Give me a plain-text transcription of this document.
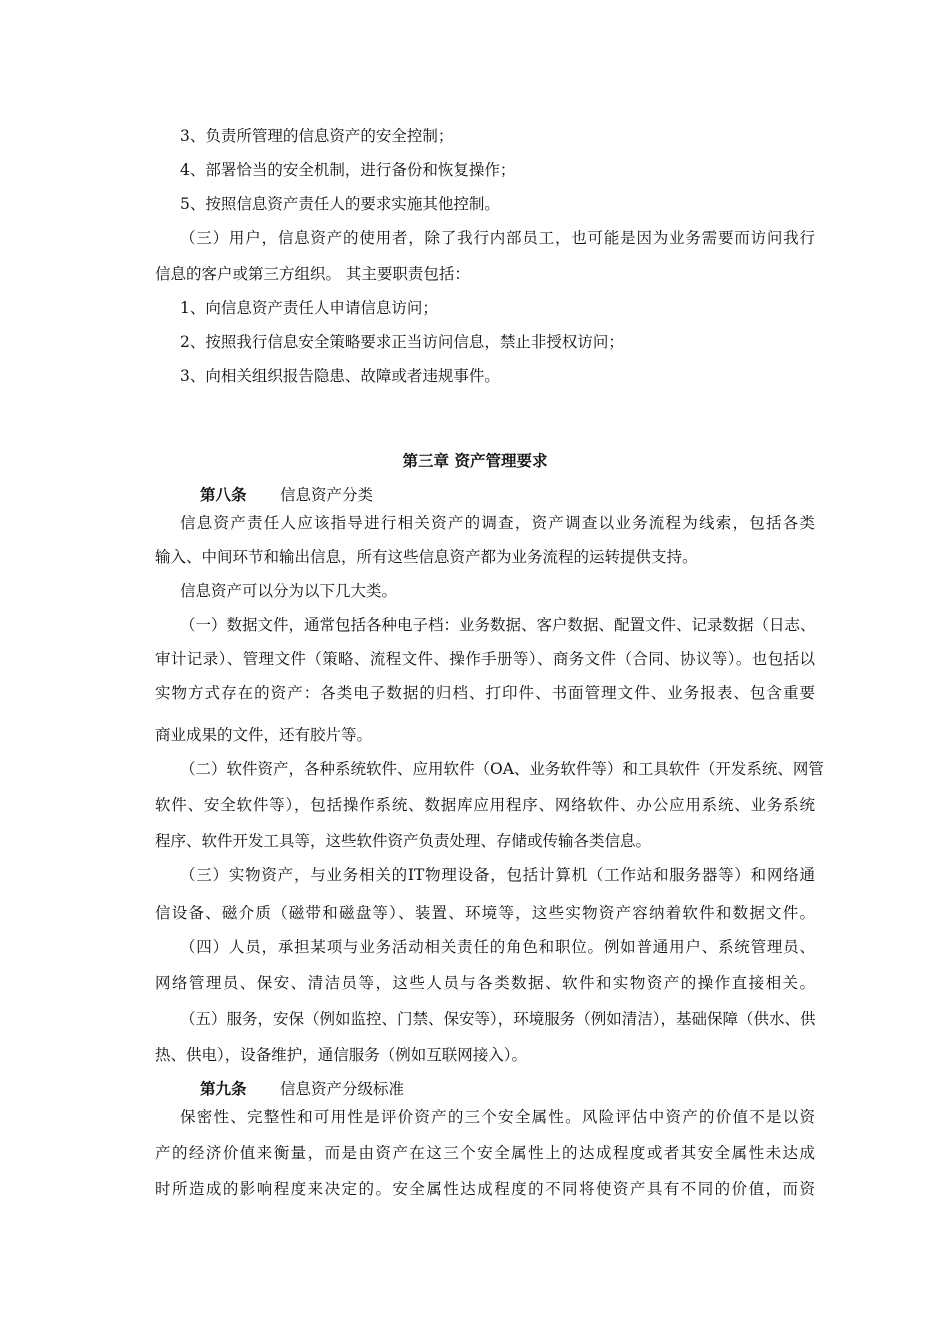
3、负责所管理的信息资产的安全控制；
4、部署恰当的安全机制，进行备份和恢复操作；
5、按照信息资产责任人的要求实施其他控制。
（三）用户，信息资产的使用者，除了我行内部员工，也可能是因为业务需要而访问我行
信息的客户或第三方组织。 其主要职责包括：
1、向信息资产责任人申请信息访问；
2、按照我行信息安全策略要求正当访问信息，禁止非授权访问；
3、向相关组织报告隐患、故障或者违规事件。
第三章 资产管理要求
第八条 信息资产分类
信息资产责任人应该指导进行相关资产的调查，资产调查以业务流程为线索，包括各类
输入、中间环节和输出信息，所有这些信息资产都为业务流程的运转提供支持。
信息资产可以分为以下几大类。
（一）数据文件，通常包括各种电子档：业务数据、客户数据、配置文件、记录数据（日志、
审计记录）、管理文件（策略、流程文件、操作手册等）、商务文件（合同、协议等）。也包括以
实物方式存在的资产：各类电子数据的归档、打印件、书面管理文件、业务报表、包含重要
商业成果的文件，还有胶片等。
（二）软件资产，各种系统软件、应用软件（OA、业务软件等）和工具软件（开发系统、网管
软件、安全软件等），包括操作系统、数据库应用程序、网络软件、办公应用系统、业务系统
程序、软件开发工具等，这些软件资产负责处理、存储或传输各类信息。
（三）实物资产，与业务相关的IT物理设备，包括计算机（工作站和服务器等）和网络通
信设备、磁介质（磁带和磁盘等）、装置、环境等，这些实物资产容纳着软件和数据文件。
（四）人员，承担某项与业务活动相关责任的角色和职位。例如普通用户、系统管理员、
网络管理员、保安、清洁员等，这些人员与各类数据、软件和实物资产的操作直接相关。
（五）服务，安保（例如监控、门禁、保安等），环境服务（例如清洁），基础保障（供水、供
热、供电），设备维护，通信服务（例如互联网接入）。
第九条 信息资产分级标准
保密性、完整性和可用性是评价资产的三个安全属性。风险评估中资产的价值不是以资
产的经济价值来衡量，而是由资产在这三个安全属性上的达成程度或者其安全属性未达成
时所造成的影响程度来决定的。安全属性达成程度的不同将使资产具有不同的价值，而资
